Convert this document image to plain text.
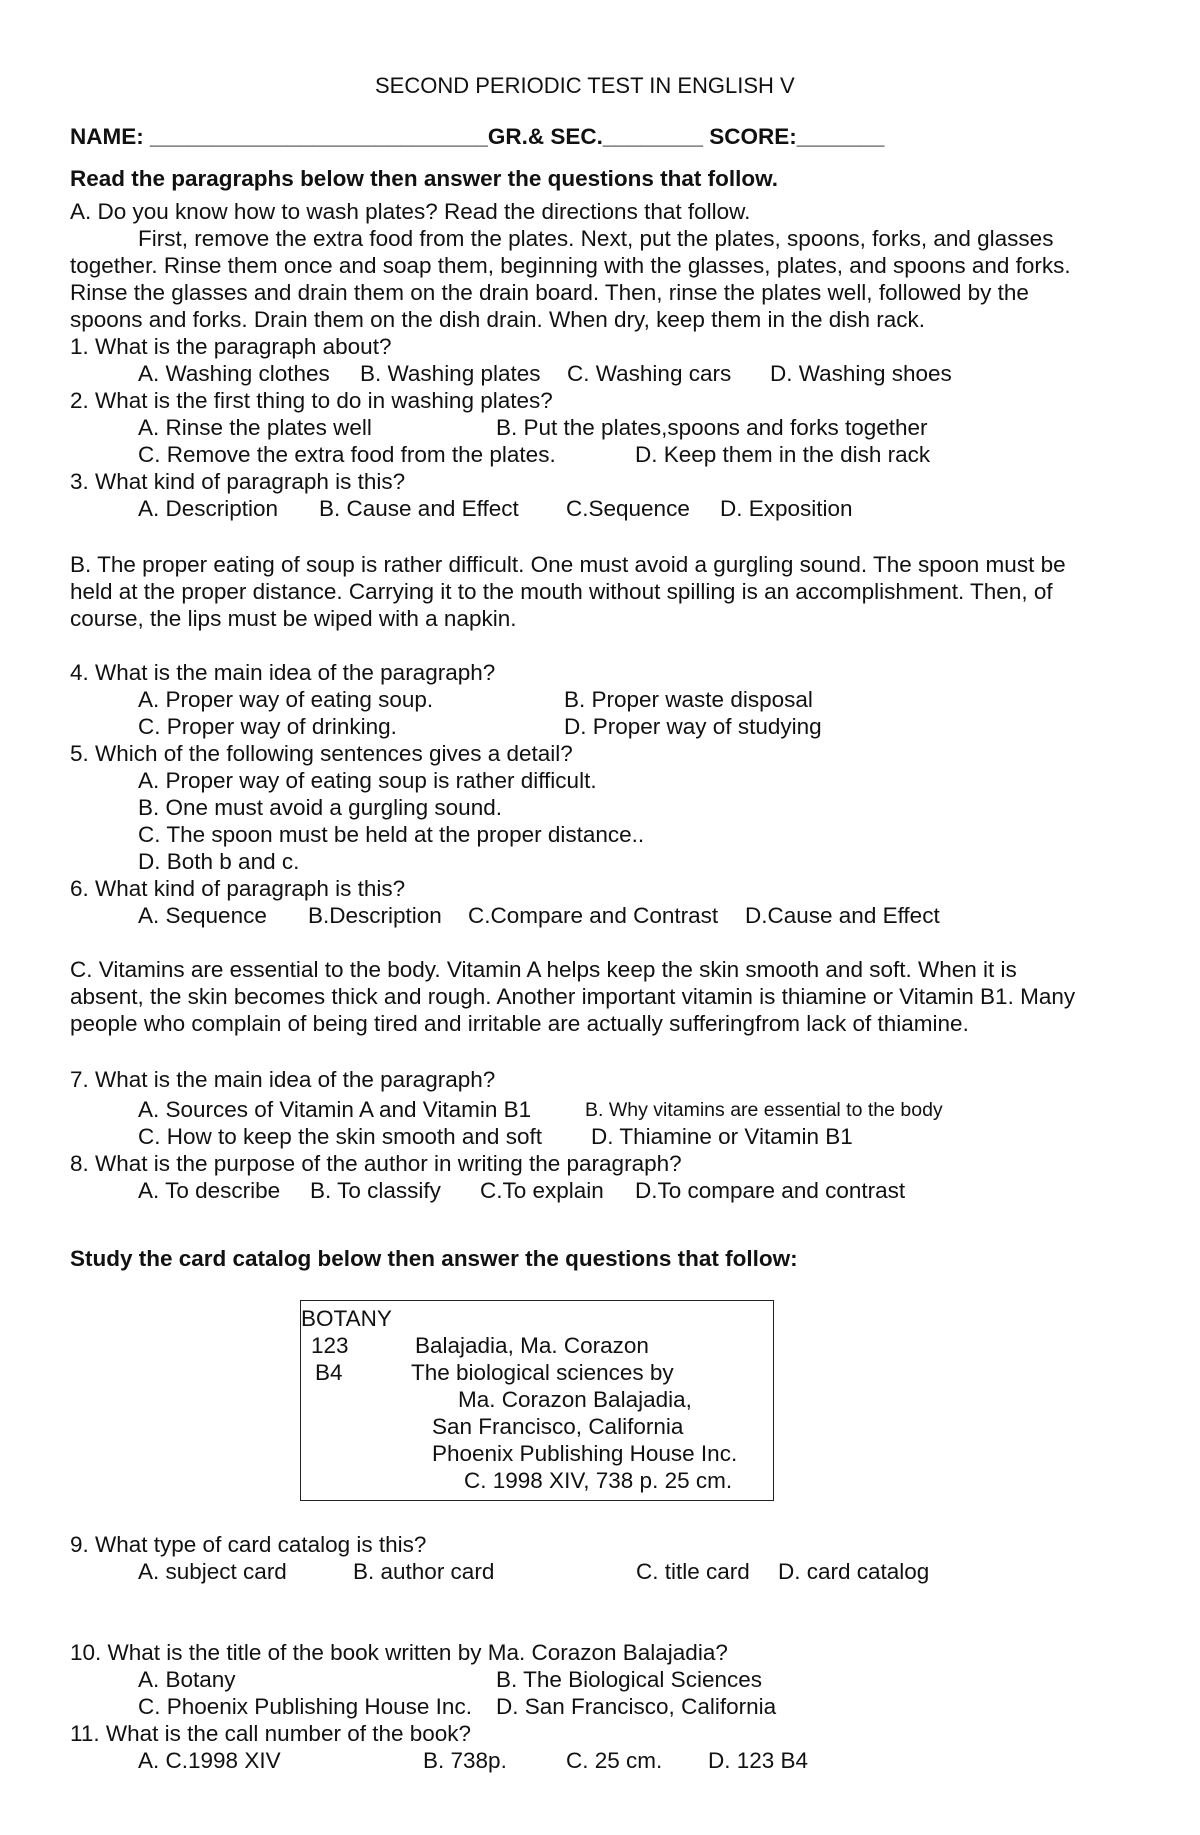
SECOND PERIODIC TEST IN ENGLISH V
NAME: ___________________________GR.& SEC.________ SCORE:_______
Read the paragraphs below then answer the questions that follow.
A. Do you know how to wash plates? Read the directions that follow.
First, remove the extra food from the plates. Next, put the plates, spoons, forks, and glasses
together. Rinse them once and soap them, beginning with the glasses, plates, and spoons and forks.
Rinse the glasses and drain them on the drain board. Then, rinse the plates well, followed by the
spoons and forks. Drain them on the dish drain. When dry, keep them in the dish rack.
1. What is the paragraph about?
A. Washing clothes B. Washing plates C. Washing cars D. Washing shoes
2. What is the first thing to do in washing plates?
A. Rinse the plates well	B. Put the plates,spoons and forks together
C. Remove the extra food from the plates.	D. Keep them in the dish rack
3. What kind of paragraph is this?
A. Description B. Cause and Effect C.Sequence D. Exposition
B. The proper eating of soup is rather difficult. One must avoid a gurgling sound. The spoon must be
held at the proper distance. Carrying it to the mouth without spilling is an accomplishment. Then, of
course, the lips must be wiped with a napkin.
4. What is the main idea of the paragraph?
A. Proper way of eating soup.	B. Proper waste disposal
C. Proper way of drinking.	D. Proper way of studying
5. Which of the following sentences gives a detail?
A. Proper way of eating soup is rather difficult.
B. One must avoid a gurgling sound.
C. The spoon must be held at the proper distance..
D. Both b and c.
6. What kind of paragraph is this?
A. Sequence B.Description C.Compare and Contrast D.Cause and Effect
C. Vitamins are essential to the body. Vitamin A helps keep the skin smooth and soft. When it is
absent, the skin becomes thick and rough. Another important vitamin is thiamine or Vitamin B1. Many
people who complain of being tired and irritable are actually sufferingfrom lack of thiamine.
7. What is the main idea of the paragraph?
A. Sources of Vitamin A and Vitamin B1	B. Why vitamins are essential to the body
C. How to keep the skin smooth and soft D. Thiamine or Vitamin B1
8. What is the purpose of the author in writing the paragraph?
A. To describe B. To classify C.To explain D.To compare and contrast
Study the card catalog below then answer the questions that follow:
BOTANY
123
B4
Balajadia, Ma. Corazon
The biological sciences by
Ma. Corazon Balajadia,
San Francisco, California
Phoenix Publishing House Inc.
C. 1998 XIV, 738 p. 25 cm.
9. What type of card catalog is this?
A. subject card	B. author card	C. title card D. card catalog
10. What is the title of the book written by Ma. Corazon Balajadia?
A. Botany	B. The Biological Sciences
C. Phoenix Publishing House Inc. D. San Francisco, California
11. What is the call number of the book?
A. C.1998 XIV	B. 738p.	C. 25 cm. D. 123 B4
